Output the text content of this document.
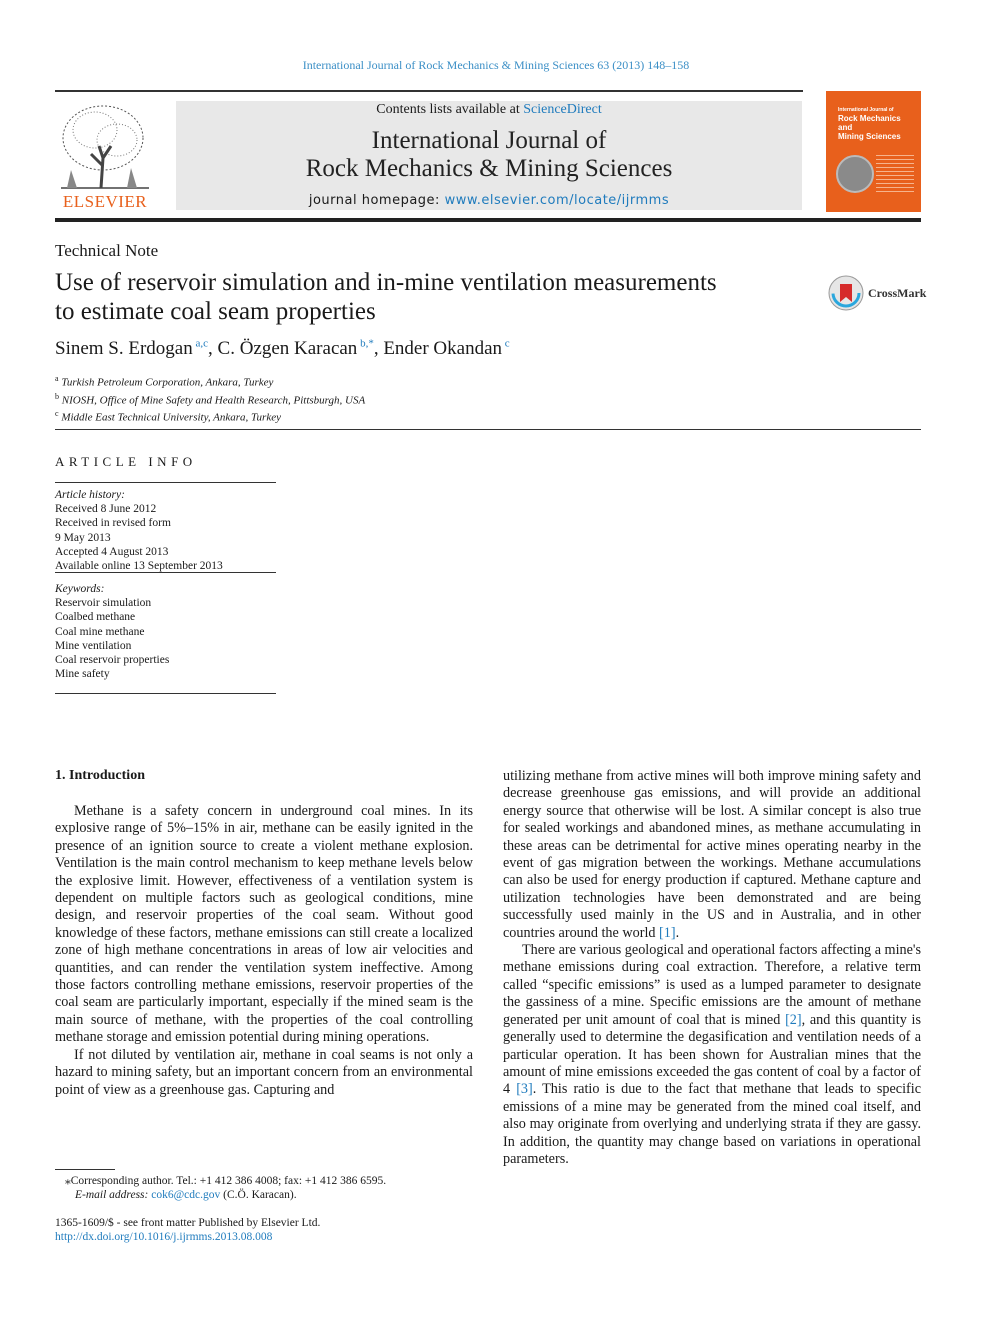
International Journal of Rock Mechanics & Mining Sciences 63 (2013) 148–158
ELSEVIER
Contents lists available at ScienceDirect
International Journal of
Rock Mechanics & Mining Sciences
journal homepage: www.elsevier.com/locate/ijrmms
International Journal of
Rock Mechanics
and
Mining Sciences
Technical Note
Use of reservoir simulation and in-mine ventilation measurements
to estimate coal seam properties
CrossMark
Sinem S. Erdogan $^{a,c}$, C. Özgen Karacan $^{b,*}$, Ender Okandan $^c$
$^a$ Turkish Petroleum Corporation, Ankara, Turkey
$^b$ NIOSH, Office of Mine Safety and Health Research, Pittsburgh, USA
$^c$ Middle East Technical University, Ankara, Turkey
ARTICLE INFO
Article history:
Received 8 June 2012
Received in revised form
9 May 2013
Accepted 4 August 2013
Available online 13 September 2013
Keywords:
Reservoir simulation
Coalbed methane
Coal mine methane
Mine ventilation
Coal reservoir properties
Mine safety
1. Introduction

Methane is a safety concern in underground coal mines. In its explosive range of 5%–15% in air, methane can be easily ignited in the presence of an ignition source to create a violent methane explosion. Ventilation is the main control mechanism to keep methane levels below the explosive limit. However, effectiveness of a ventilation system is dependent on multiple factors such as geological conditions, mine design, and reservoir properties of the coal seam. Without good knowledge of these factors, methane emissions can still create a localized zone of high methane concentrations in areas of low air velocities and quantities, and can render the ventilation system ineffective. Among those factors controlling methane emissions, reservoir properties of the coal seam are particularly important, especially if the mined seam is the main source of methane, with the properties of the coal controlling methane storage and emission potential during mining operations.

If not diluted by ventilation air, methane in coal seams is not only a hazard to mining safety, but an important concern from an environmental point of view as a greenhouse gas. Capturing and

utilizing methane from active mines will both improve mining safety and decrease greenhouse gas emissions, and will provide an additional energy source that otherwise will be lost. A similar concept is also true for sealed workings and abandoned mines, as methane accumulating in these areas can be detrimental for active mines operating nearby in the event of gas migration between the workings. Methane accumulations can also be used for energy production if captured. Methane capture and utilization technologies have been demonstrated and are being successfully used mainly in the US and in Australia, and in other countries around the world [1].

There are various geological and operational factors affecting a mine's methane emissions during coal extraction. Therefore, a relative term called “specific emissions” is used as a lumped parameter to designate the gassiness of a mine. Specific emissions are the amount of methane generated per unit amount of coal that is mined [2], and this quantity is generally used to determine the degasification and ventilation needs of a particular operation. It has been shown for Australian mines that the amount of mine emissions exceeded the gas content of coal by a factor of 4 [3]. This ratio is due to the fact that methane that leads to specific emissions of a mine may be generated from the mined coal itself, and also may originate from overlying and underlying strata if they are gassy. In addition, the quantity may change based on variations in operational parameters.

⁎Corresponding author. Tel.: +1 412 386 4008; fax: +1 412 386 6595.
E-mail address: cok6@cdc.gov (C.Ö. Karacan).
1365-1609/$ - see front matter Published by Elsevier Ltd.
http://dx.doi.org/10.1016/j.ijrmms.2013.08.008
